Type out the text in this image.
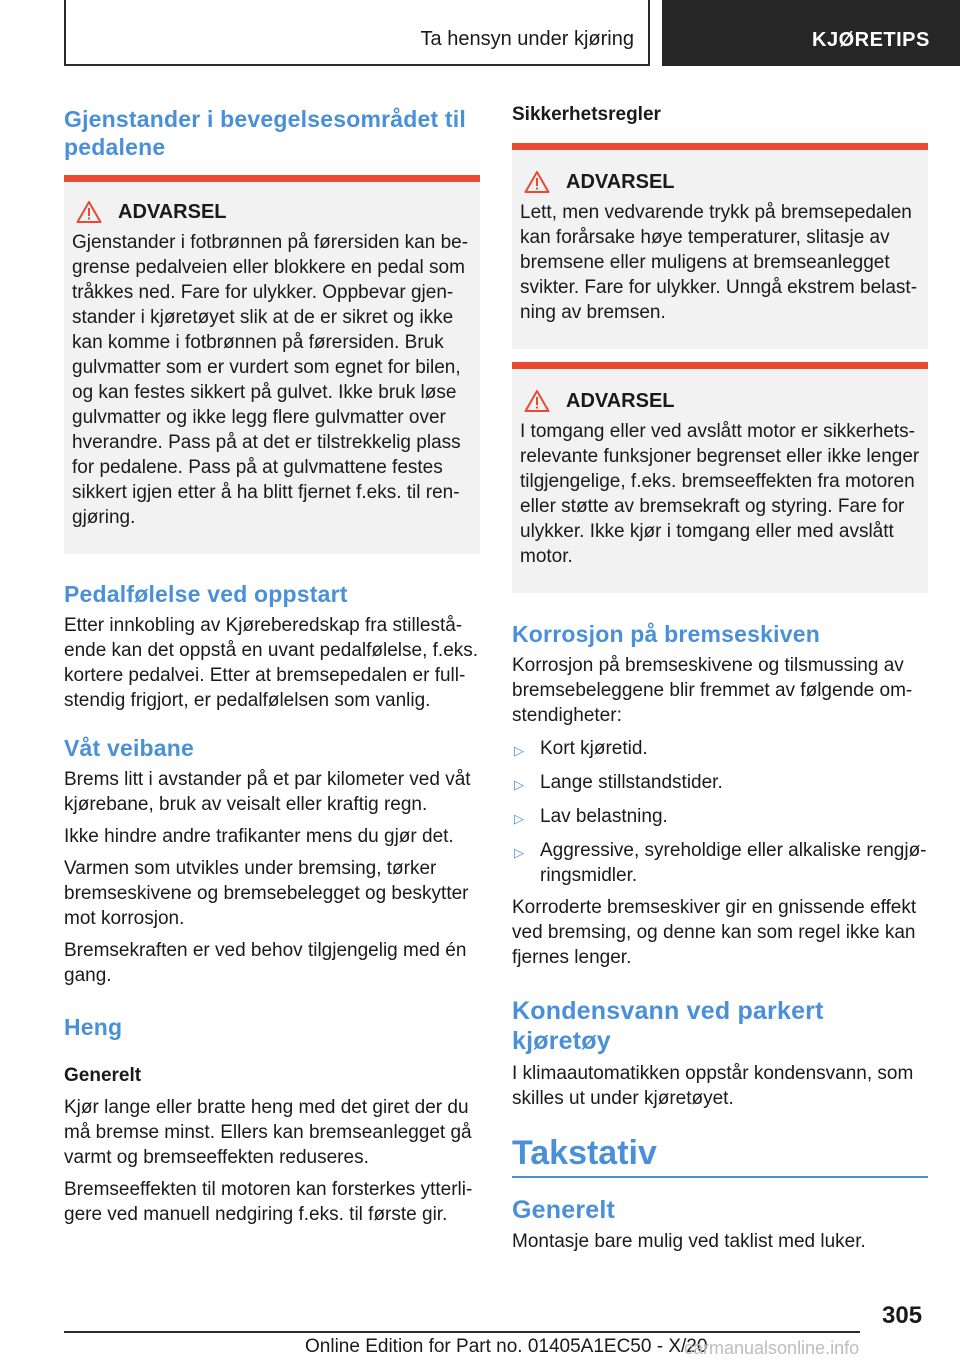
Ta hensyn under kjøring	KJØRETIPS
Gjenstander i bevegelsesområdet til
pedalene
ADVARSEL

Gjenstander i fotbrønnen på førersiden kan be-
grense pedalveien eller blokkere en pedal som
tråkkes ned. Fare for ulykker. Oppbevar gjen-
stander i kjøretøyet slik at de er sikret og ikke
kan komme i fotbrønnen på førersiden. Bruk
gulvmatter som er vurdert som egnet for bilen,
og kan festes sikkert på gulvet. Ikke bruk løse
gulvmatter og ikke legg flere gulvmatter over
hverandre. Pass på at det er tilstrekkelig plass
for pedalene. Pass på at gulvmattene festes
sikkert igjen etter å ha blitt fjernet f.eks. til ren-
gjøring.

Pedalfølelse ved oppstart

Etter innkobling av Kjøreberedskap fra stillestå-
ende kan det oppstå en uvant pedalfølelse, f.eks.
kortere pedalvei. Etter at bremsepedalen er full-
stendig frigjort, er pedalfølelsen som vanlig.

Våt veibane

Brems litt i avstander på et par kilometer ved våt
kjørebane, bruk av veisalt eller kraftig regn.

Ikke hindre andre trafikanter mens du gjør det.

Varmen som utvikles under bremsing, tørker
bremseskivene og bremsebelegget og beskytter
mot korrosjon.

Bremsekraften er ved behov tilgjengelig med én
gang.

Heng
Generelt

Kjør lange eller bratte heng med det giret der du
må bremse minst. Ellers kan bremseanlegget gå
varmt og bremseeffekten reduseres.

Bremseeffekten til motoren kan forsterkes ytterli-
gere ved manuell nedgiring f.eks. til første gir.

Sikkerhetsregler
ADVARSEL

Lett, men vedvarende trykk på bremsepedalen
kan forårsake høye temperaturer, slitasje av
bremsene eller muligens at bremseanlegget
svikter. Fare for ulykker. Unngå ekstrem belast-
ning av bremsen.

ADVARSEL

I tomgang eller ved avslått motor er sikkerhets-
relevante funksjoner begrenset eller ikke lenger
tilgjengelige, f.eks. bremseeffekten fra motoren
eller støtte av bremsekraft og styring. Fare for
ulykker. Ikke kjør i tomgang eller med avslått
motor.

Korrosjon på bremseskiven

Korrosjon på bremseskivene og tilsmussing av
bremsebeleggene blir fremmet av følgende om-
stendigheter:

▷ Kort kjøretid.
▷ Lange stillstandstider.
▷ Lav belastning.
▷ Aggressive, syreholdige eller alkaliske rengjø-
ringsmidler.

Korroderte bremseskiver gir en gnissende effekt
ved bremsing, og denne kan som regel ikke kan
fjernes lenger.

Kondensvann ved parkert
kjøretøy

I klimaautomatikken oppstår kondensvann, som
skilles ut under kjøretøyet.

Takstativ
Generelt

Montasje bare mulig ved taklist med luker.

305
Online Edition for Part no. 01405A1EC50 - X/20
carmanualsonline.info
